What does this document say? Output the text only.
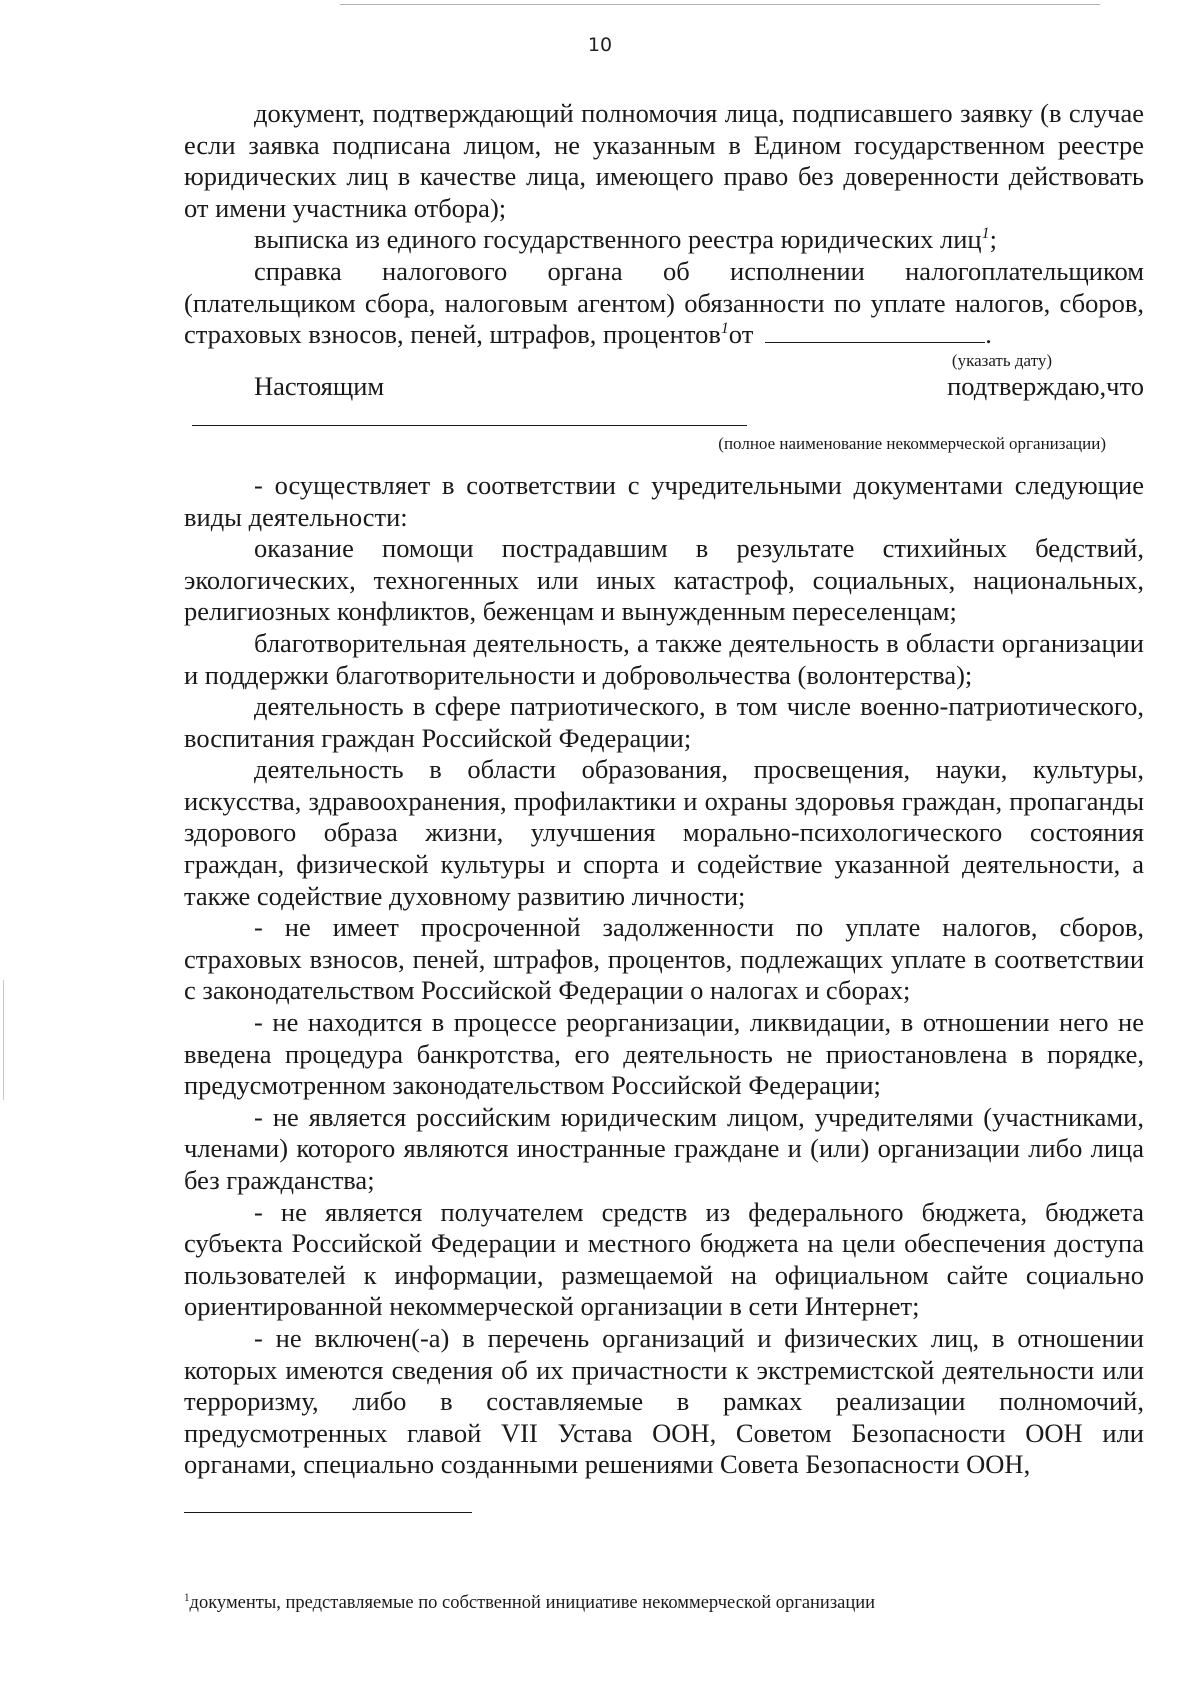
10

документ, подтверждающий полномочия лица, подписавшего заявку (в случае если заявка подписана лицом, не указанным в Едином государственном реестре юридических лиц в качестве лица, имеющего право без доверенности действовать от имени участника отбора);

выписка из единого государственного реестра юридических лиц$^1$;

справка налогового органа об исполнении налогоплательщиком (плательщиком сбора, налоговым агентом) обязанности по уплате налогов, сборов, страховых взносов, пеней, штрафов, процентов$^1$от	.

(указать дату)

Настоящим подтверждаю,что

(полное наименование некоммерческой организации)

- осуществляет в соответствии с учредительными документами следующие виды деятельности:

оказание помощи пострадавшим в результате стихийных бедствий, экологических, техногенных или иных катастроф, социальных, национальных, религиозных конфликтов, беженцам и вынужденным переселенцам;

благотворительная деятельность, а также деятельность в области организации и поддержки благотворительности и добровольчества (волонтерства);

деятельность в сфере патриотического, в том числе военно-патриотического, воспитания граждан Российской Федерации;

деятельность в области образования, просвещения, науки, культуры, искусства, здравоохранения, профилактики и охраны здоровья граждан, пропаганды здорового образа жизни, улучшения морально-психологического состояния граждан, физической культуры и спорта и содействие указанной деятельности, а также содействие духовному развитию личности;

- не имеет просроченной задолженности по уплате налогов, сборов, страховых взносов, пеней, штрафов, процентов, подлежащих уплате в соответствии с законодательством Российской Федерации о налогах и сборах;

- не находится в процессе реорганизации, ликвидации, в отношении него не введена процедура банкротства, его деятельность не приостановлена в порядке, предусмотренном законодательством Российской Федерации;

- не является российским юридическим лицом, учредителями (участниками, членами) которого являются иностранные граждане и (или) организации либо лица без гражданства;

- не является получателем средств из федерального бюджета, бюджета субъекта Российской Федерации и местного бюджета на цели обеспечения доступа пользователей к информации, размещаемой на официальном сайте социально ориентированной некоммерческой организации в сети Интернет;

- не включен(-а) в перечень организаций и физических лиц, в отношении которых имеются сведения об их причастности к экстремистской деятельности или терроризму, либо в составляемые в рамках реализации полномочий, предусмотренных главой VII Устава ООН, Советом Безопасности ООН или органами, специально созданными решениями Совета Безопасности ООН,

$^1$документы, представляемые по собственной инициативе некоммерческой организации
